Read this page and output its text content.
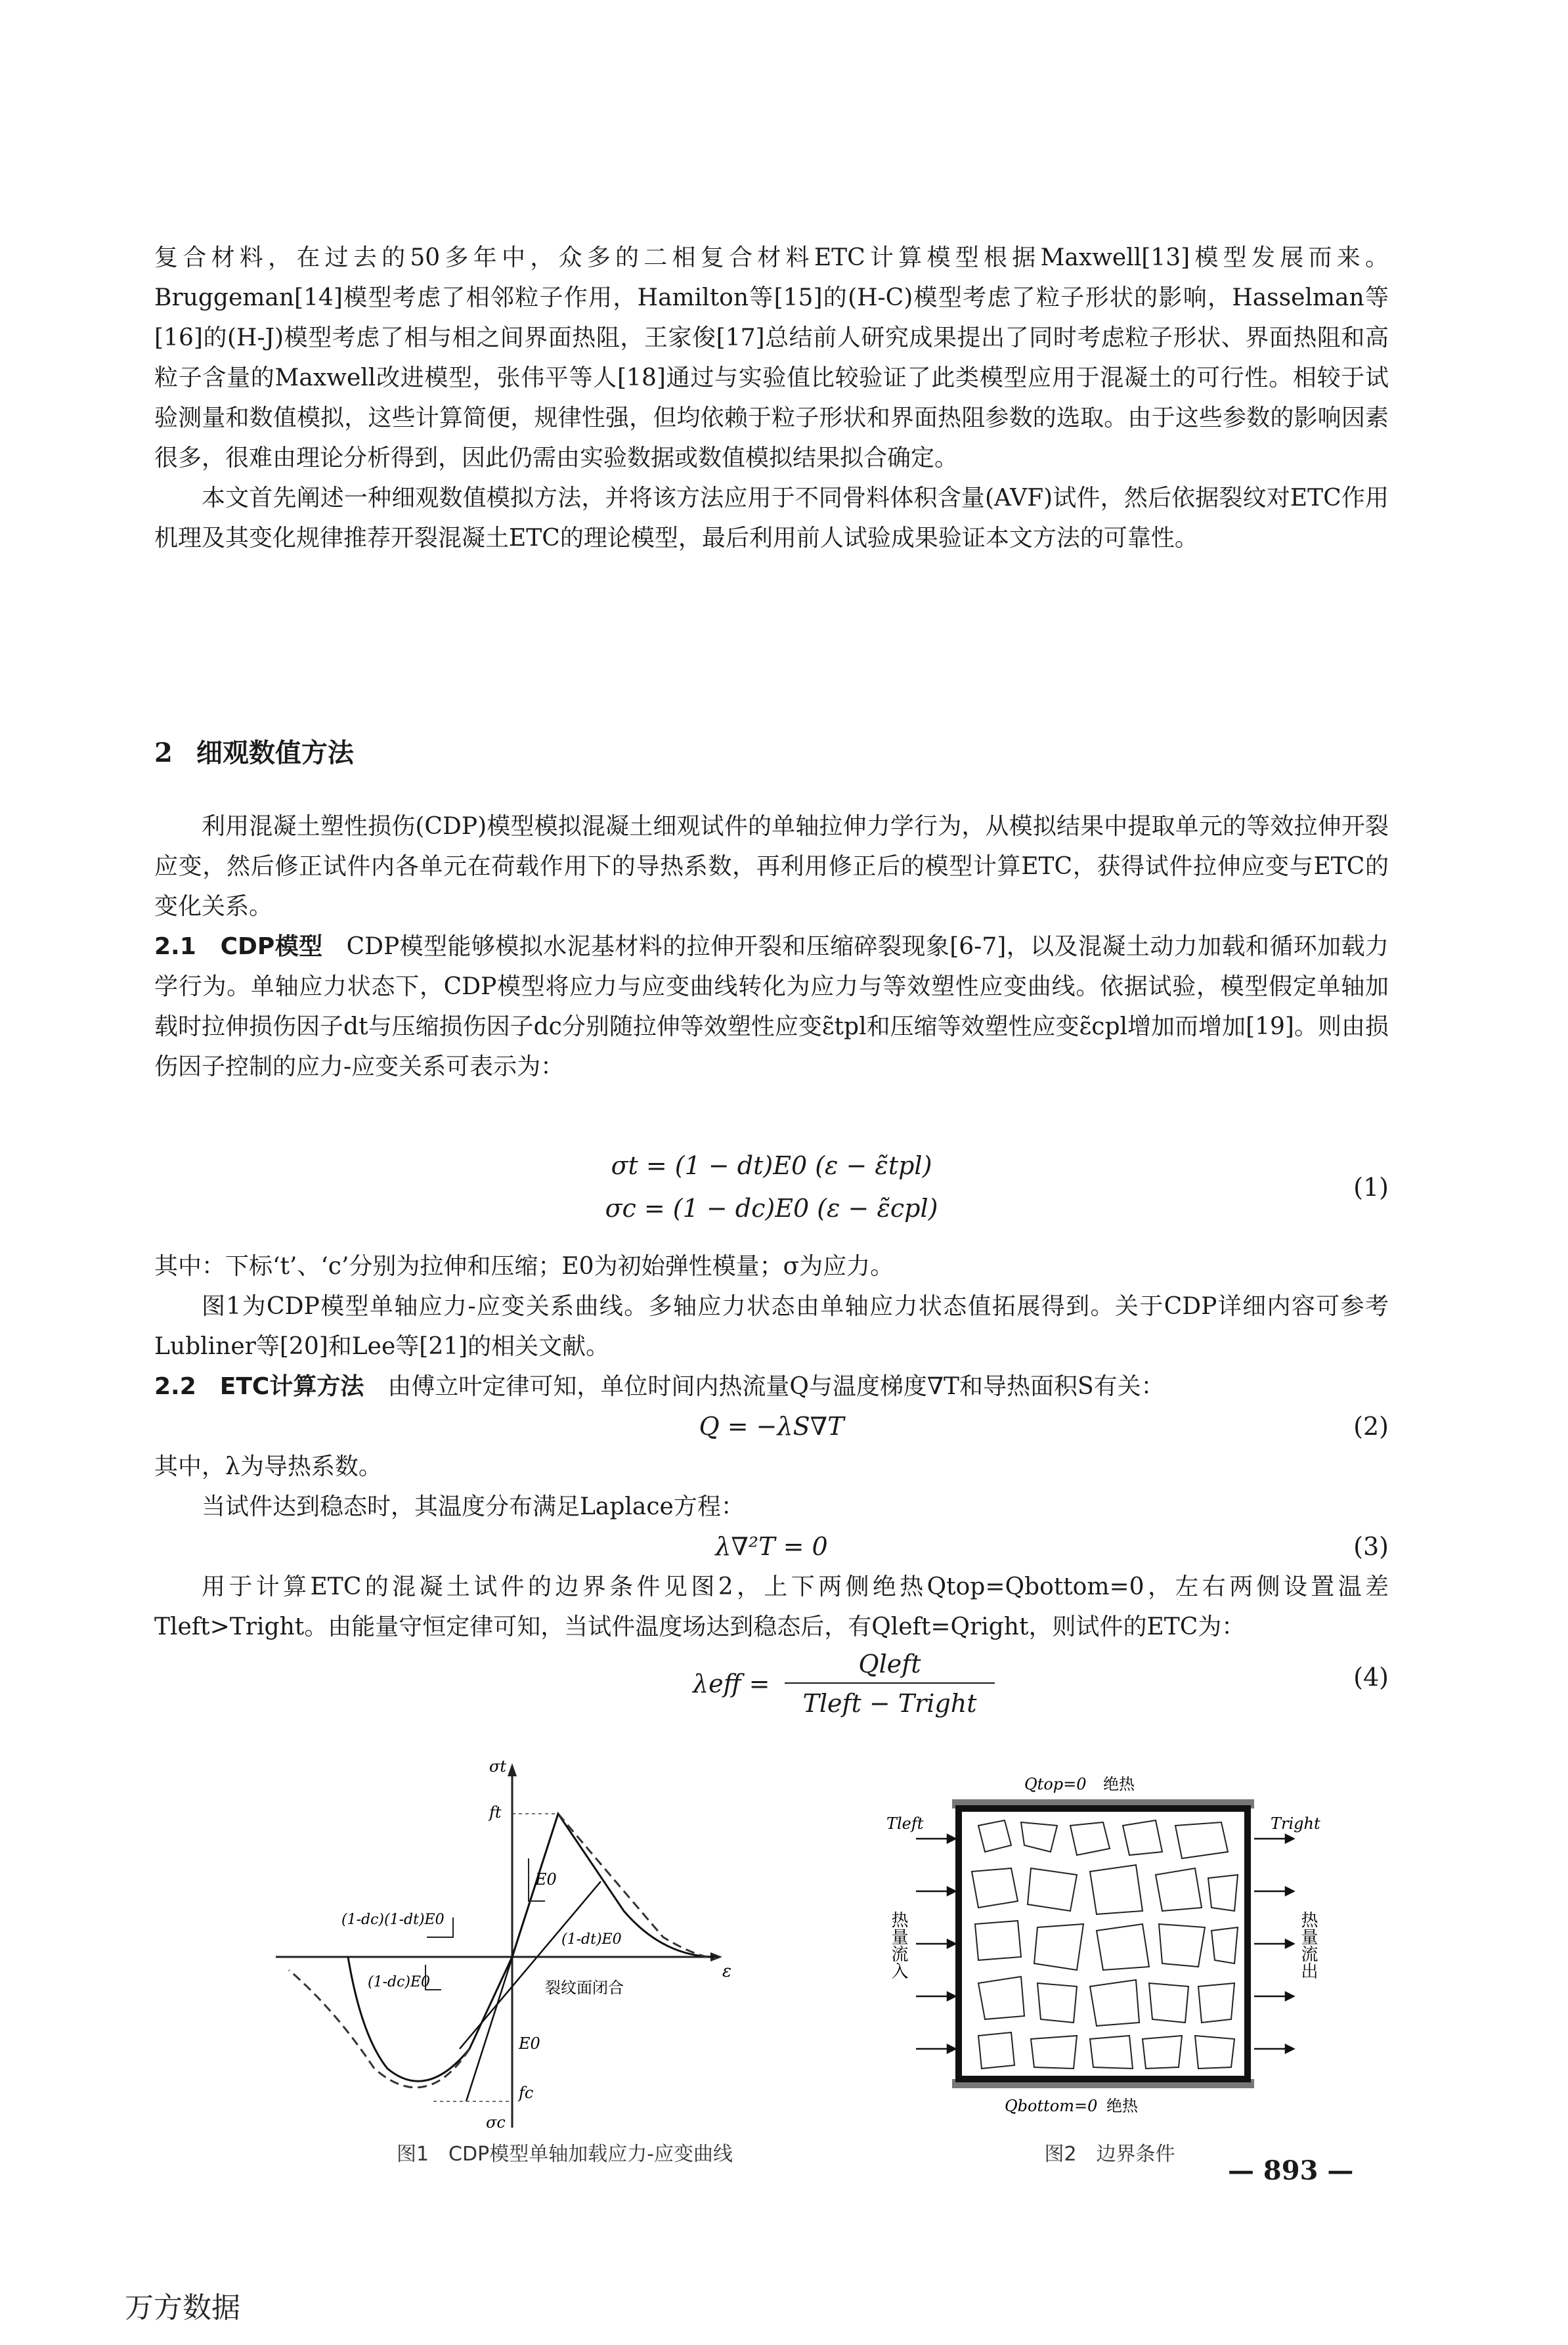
复合材料，在过去的50多年中，众多的二相复合材料ETC计算模型根据Maxwell[13]模型发展而来。Bruggeman[14]模型考虑了相邻粒子作用，Hamilton等[15]的(H-C)模型考虑了粒子形状的影响，Hasselman等[16]的(H-J)模型考虑了相与相之间界面热阻，王家俊[17]总结前人研究成果提出了同时考虑粒子形状、界面热阻和高粒子含量的Maxwell改进模型，张伟平等人[18]通过与实验值比较验证了此类模型应用于混凝土的可行性。相较于试验测量和数值模拟，这些计算简便，规律性强，但均依赖于粒子形状和界面热阻参数的选取。由于这些参数的影响因素很多，很难由理论分析得到，因此仍需由实验数据或数值模拟结果拟合确定。

本文首先阐述一种细观数值模拟方法，并将该方法应用于不同骨料体积含量(AVF)试件，然后依据裂纹对ETC作用机理及其变化规律推荐开裂混凝土ETC的理论模型，最后利用前人试验成果验证本文方法的可靠性。

2 细观数值方法

利用混凝土塑性损伤(CDP)模型模拟混凝土细观试件的单轴拉伸力学行为，从模拟结果中提取单元的等效拉伸开裂应变，然后修正试件内各单元在荷载作用下的导热系数，再利用修正后的模型计算ETC，获得试件拉伸应变与ETC的变化关系。

2.1　CDP模型 CDP模型能够模拟水泥基材料的拉伸开裂和压缩碎裂现象[6-7]，以及混凝土动力加载和循环加载力学行为。单轴应力状态下，CDP模型将应力与应变曲线转化为应力与等效塑性应变曲线。依据试验，模型假定单轴加载时拉伸损伤因子dt与压缩损伤因子dc分别随拉伸等效塑性应变ε̃tpl和压缩等效塑性应变ε̃cpl增加而增加[19]。则由损伤因子控制的应力-应变关系可表示为：

σt = (1 − dt)E0 (ε − ε̃tpl)
σc = (1 − dc)E0 (ε − ε̃cpl)
(1)

其中：下标‘t’、‘c’分别为拉伸和压缩；E0为初始弹性模量；σ为应力。

图1为CDP模型单轴应力-应变关系曲线。多轴应力状态由单轴应力状态值拓展得到。关于CDP详细内容可参考Lubliner等[20]和Lee等[21]的相关文献。

2.2　ETC计算方法 由傅立叶定律可知，单位时间内热流量Q与温度梯度∇T和导热面积S有关：

Q = −λS∇T	(2)

其中，λ为导热系数。

当试件达到稳态时，其温度分布满足Laplace方程：

λ∇²T = 0	(3)

用于计算ETC的混凝土试件的边界条件见图2，上下两侧绝热Qtop=Qbottom=0，左右两侧设置温差Tleft>Tright。由能量守恒定律可知，当试件温度场达到稳态后，有Qleft=Qright，则试件的ETC为：

λeff =
Qleft
Tleft − Tright
(4)
σt
ft
E0
(1-dc)(1-dt)E0
(1-dt)E0
(1-dc)E0	裂纹面闭合
ε
E0
fc
σc
图1　CDP模型单轴加载应力-应变曲线
Qtop=0 绝热
Tleft	Tright
热量流入	热量流出
Qbottom=0 绝热
图2　边界条件
— 893 —
万方数据
